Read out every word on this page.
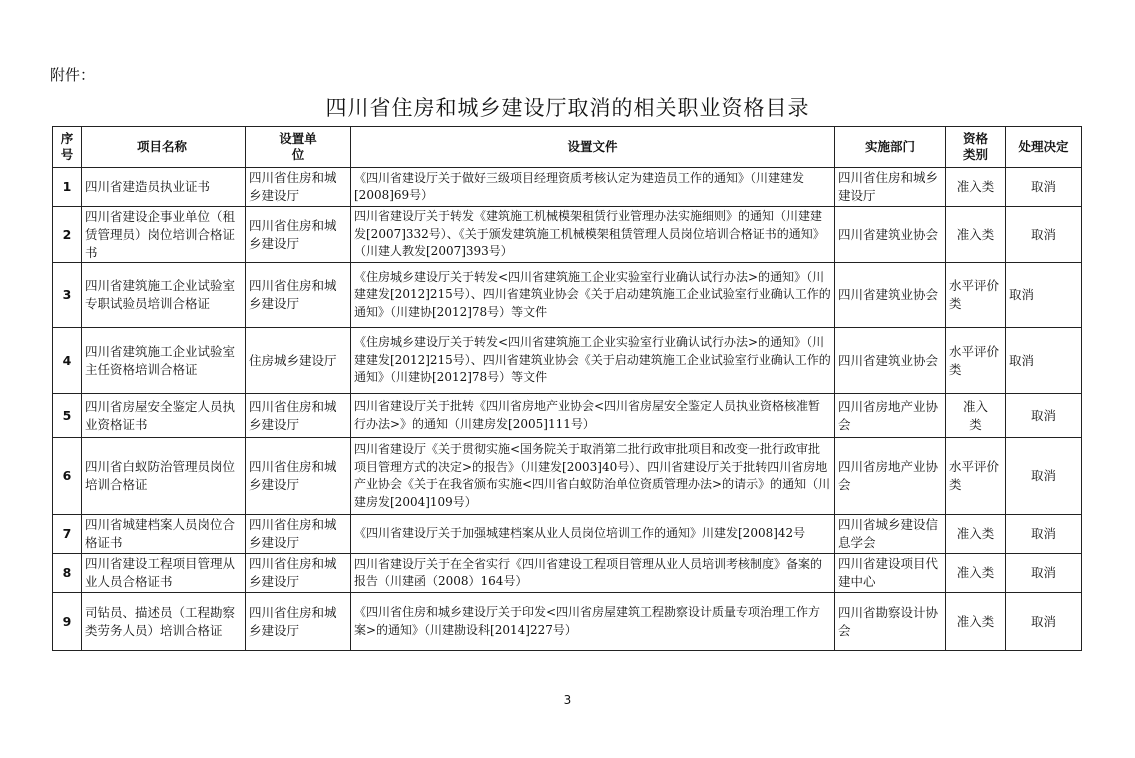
附件：
四川省住房和城乡建设厅取消的相关职业资格目录
序号	项目名称	设置单位	设置文件	实施部门	资格类别	处理决定
1	四川省建造员执业证书	四川省住房和城乡建设厅	《四川省建设厅关于做好三级项目经理资质考核认定为建造员工作的通知》（川建建发[2008]69号）	四川省住房和城乡建设厅	准入类	取消
2	四川省建设企事业单位（租赁管理员）岗位培训合格证书	四川省住房和城乡建设厅	四川省建设厅关于转发《建筑施工机械模架租赁行业管理办法实施细则》的通知（川建建发[2007]332号）、《关于颁发建筑施工机械模架租赁管理人员岗位培训合格证书的通知》（川建人教发[2007]393号）	四川省建筑业协会	准入类	取消
3	四川省建筑施工企业试验室专职试验员培训合格证	四川省住房和城乡建设厅	《住房城乡建设厅关于转发<四川省建筑施工企业实验室行业确认试行办法>的通知》（川建建发[2012]215号）、四川省建筑业协会《关于启动建筑施工企业试验室行业确认工作的通知》（川建协[2012]78号）等文件	四川省建筑业协会	水平评价类	取消
4	四川省建筑施工企业试验室主任资格培训合格证	住房城乡建设厅	《住房城乡建设厅关于转发<四川省建筑施工企业实验室行业确认试行办法>的通知》（川建建发[2012]215号）、四川省建筑业协会《关于启动建筑施工企业试验室行业确认工作的通知》（川建协[2012]78号）等文件	四川省建筑业协会	水平评价类	取消
5	四川省房屋安全鉴定人员执业资格证书	四川省住房和城乡建设厅	四川省建设厅关于批转《四川省房地产业协会<四川省房屋安全鉴定人员执业资格核准暂行办法>》的通知（川建房发[2005]111号）	四川省房地产业协会	准入类	取消
6	四川省白蚁防治管理员岗位培训合格证	四川省住房和城乡建设厅	四川省建设厅《关于贯彻实施<国务院关于取消第二批行政审批项目和改变一批行政审批项目管理方式的决定>的报告》（川建发[2003]40号）、四川省建设厅关于批转四川省房地产业协会《关于在我省颁布实施<四川省白蚁防治单位资质管理办法>的请示》的通知（川建房发[2004]109号）	四川省房地产业协会	水平评价类	取消
7	四川省城建档案人员岗位合格证书	四川省住房和城乡建设厅	《四川省建设厅关于加强城建档案从业人员岗位培训工作的通知》川建发[2008]42号	四川省城乡建设信息学会	准入类	取消
8	四川省建设工程项目管理从业人员合格证书	四川省住房和城乡建设厅	四川省建设厅关于在全省实行《四川省建设工程项目管理从业人员培训考核制度》备案的报告（川建函（2008）164号）	四川省建设项目代建中心	准入类	取消
9	司钻员、描述员（工程勘察类劳务人员）培训合格证	四川省住房和城乡建设厅	《四川省住房和城乡建设厅关于印发<四川省房屋建筑工程勘察设计质量专项治理工作方案>的通知》（川建勘设科[2014]227号）	四川省勘察设计协会	准入类	取消
3
